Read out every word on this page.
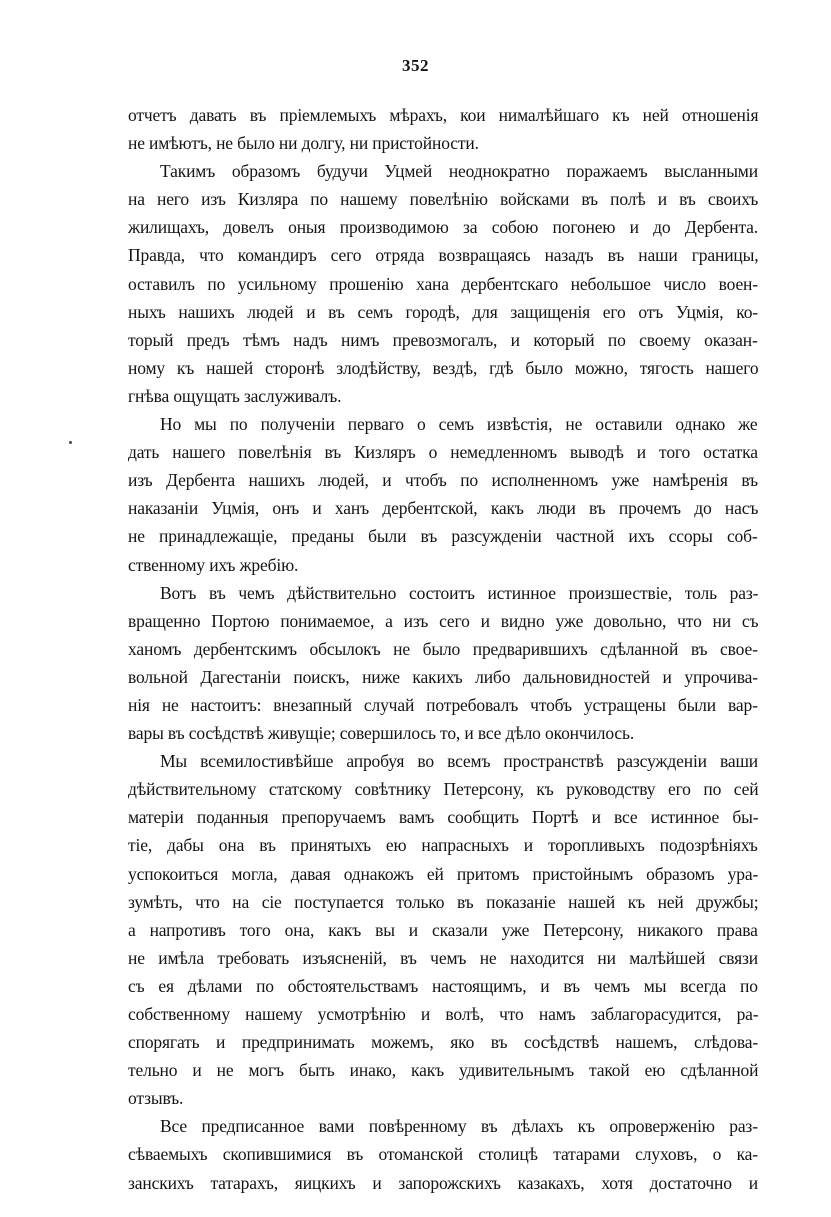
352
отчетъ давать въ пріемлемыхъ мѣрахъ, кои нималѣйшаго къ ней отношенія
не имѣютъ, не было ни долгу, ни пристойности.
Такимъ образомъ будучи Уцмей неоднократно поражаемъ высланными
на него изъ Кизляра по нашему повелѣнію войсками въ полѣ и въ своихъ
жилищахъ, довелъ оныя производимою за собою погонею и до Дербента.
Правда, что командиръ сего отряда возвращаясь назадъ въ наши границы,
оставилъ по усильному прошенію хана дербентскаго небольшое число воен-
ныхъ нашихъ людей и въ семъ городѣ, для защищенія его отъ Уцмія, ко-
торый предъ тѣмъ надъ нимъ превозмогалъ, и который по своему оказан-
ному къ нашей сторонѣ злодѣйству, вездѣ, гдѣ было можно, тягость нашего
гнѣва ощущать заслуживалъ.
Но мы по полученіи перваго о семъ извѣстія, не оставили однако же
дать нашего повелѣнія въ Кизляръ о немедленномъ выводѣ и того остатка
изъ Дербента нашихъ людей, и чтобъ по исполненномъ уже намѣренія въ
наказаніи Уцмія, онъ и ханъ дербентской, какъ люди въ прочемъ до насъ
не принадлежащіе, преданы были въ разсужденіи частной ихъ ссоры соб-
ственному ихъ жребію.
Вотъ въ чемъ дѣйствительно состоитъ истинное произшествіе, толь раз-
вращенно Портою понимаемое, а изъ сего и видно уже довольно, что ни съ
ханомъ дербентскимъ обсылокъ не было предварившихъ сдѣланной въ свое-
вольной Дагестаніи поискъ, ниже какихъ либо дальновидностей и упрочива-
нія не настоитъ: внезапный случай потребовалъ чтобъ устращены были вар-
вары въ сосѣдствѣ живущіе; совершилось то, и все дѣло окончилось.
Мы всемилостивѣйше апробуя во всемъ пространствѣ разсужденіи ваши
дѣйствительному статскому совѣтнику Петерсону, къ руководству его по сей
матеріи поданныя препоручаемъ вамъ сообщить Портѣ и все истинное бы-
тіе, дабы она въ принятыхъ ею напрасныхъ и торопливыхъ подозрѣніяхъ
успокоиться могла, давая однакожъ ей притомъ пристойнымъ образомъ ура-
зумѣть, что на сіе поступается только въ показаніе нашей къ ней дружбы;
а напротивъ того она, какъ вы и сказали уже Петерсону, никакого права
не имѣла требовать изъясненій, въ чемъ не находится ни малѣйшей связи
съ ея дѣлами по обстоятельствамъ настоящимъ, и въ чемъ мы всегда по
собственному нашему усмотрѣнію и волѣ, что намъ заблагорасудится, ра-
спорягать и предпринимать можемъ, яко въ сосѣдствѣ нашемъ, слѣдова-
тельно и не могъ быть инако, какъ удивительнымъ такой ею сдѣланной
отзывъ.
Все предписанное вами повѣренному въ дѣлахъ къ опроверженію раз-
сѣваемыхъ скопившимися въ отоманской столицѣ татарами слуховъ, о ка-
занскихъ татарахъ, яицкихъ и запорожскихъ казакахъ, хотя достаточно и
